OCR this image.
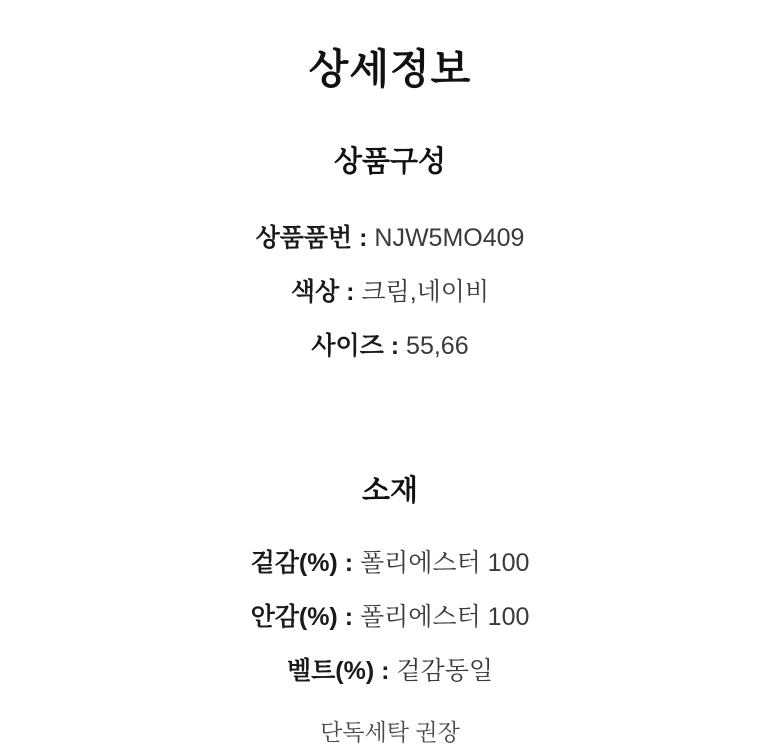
상세정보
상품구성
상품품번 : NJW5MO409
색상 : 크림,네이비
사이즈 : 55,66
소재
겉감(%) : 폴리에스터 100
안감(%) : 폴리에스터 100
벨트(%) : 겉감동일
단독세탁 권장
